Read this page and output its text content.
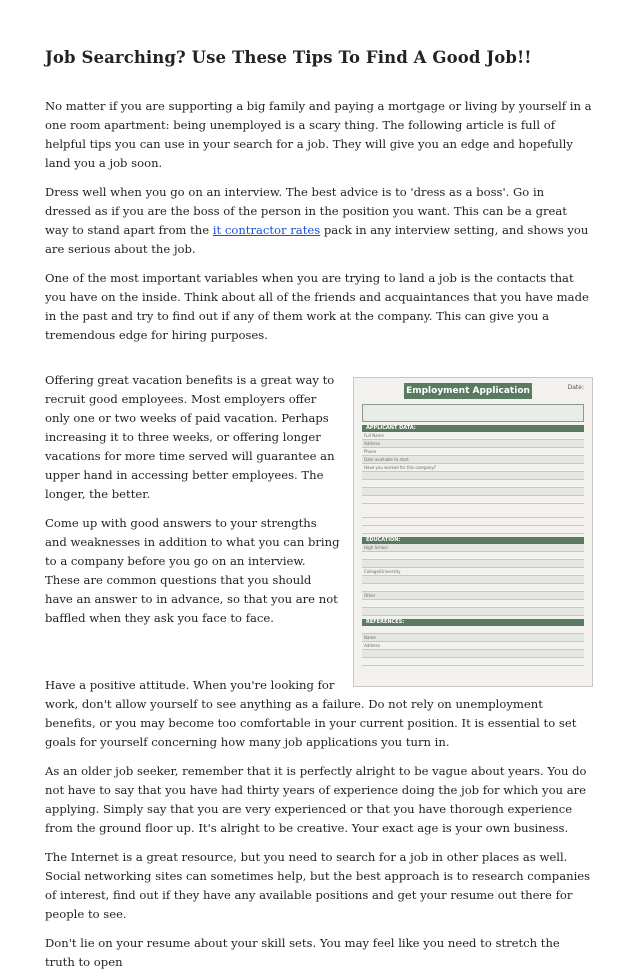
Job Searching? Use These Tips To Find A Good Job!!

No matter if you are supporting a big family and paying a mortgage or living by yourself in a one room apartment: being unemployed is a scary thing. The following article is full of helpful tips you can use in your search for a job. They will give you an edge and hopefully land you a job soon.

Dress well when you go on an interview. The best advice is to 'dress as a boss'. Go in dressed as if you are the boss of the person in the position you want. This can be a great way to stand apart from the it contractor rates pack in any interview setting, and shows you are serious about the job.

One of the most important variables when you are trying to land a job is the contacts that you have on the inside. Think about all of the friends and acquaintances that you have made in the past and try to find out if any of them work at the company. This can give you a tremendous edge for hiring purposes.

Employment Application	Date:
APPLICANT DATA:
Full Name
Address
Phone
Date available to start
Have you worked for this company?
EDUCATION:
High School
College/University
Other
REFERENCES:
Name
Address

Offering great vacation benefits is a great way to recruit good employees. Most employers offer only one or two weeks of paid vacation. Perhaps increasing it to three weeks, or offering longer vacations for more time served will guarantee an upper hand in accessing better employees. The longer, the better.

Come up with good answers to your strengths and weaknesses in addition to what you can bring to a company before you go on an interview. These are common questions that you should have an answer to in advance, so that you are not baffled when they ask you face to face.

Have a positive attitude. When you're looking for work, don't allow yourself to see anything as a failure. Do not rely on unemployment benefits, or you may become too comfortable in your current position. It is essential to set goals for yourself concerning how many job applications you turn in.

As an older job seeker, remember that it is perfectly alright to be vague about years. You do not have to say that you have had thirty years of experience doing the job for which you are applying. Simply say that you are very experienced or that you have thorough experience from the ground floor up. It's alright to be creative. Your exact age is your own business.

The Internet is a great resource, but you need to search for a job in other places as well. Social networking sites can sometimes help, but the best approach is to research companies of interest, find out if they have any available positions and get your resume out there for people to see.

Don't lie on your resume about your skill sets. You may feel like you need to stretch the truth to open
